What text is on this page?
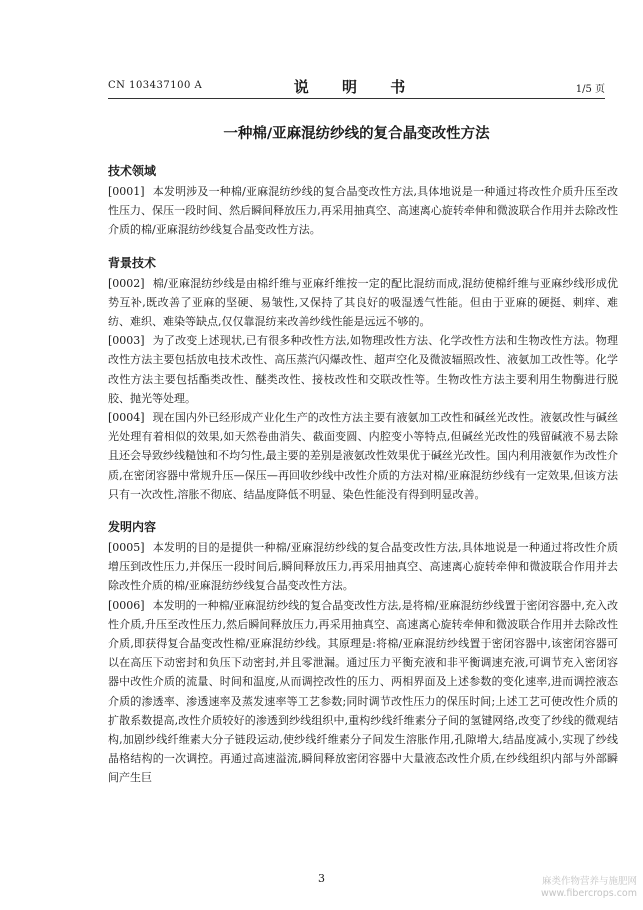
CN 103437100 A	说 明 书	1/5 页
一种棉/亚麻混纺纱线的复合晶变改性方法
技术领域

[0001] 本发明涉及一种棉/亚麻混纺纱线的复合晶变改性方法,具体地说是一种通过将改性介质升压至改性压力、保压一段时间、然后瞬间释放压力,再采用抽真空、高速离心旋转牵伸和微波联合作用并去除改性介质的棉/亚麻混纺纱线复合晶变改性方法。

背景技术

[0002] 棉/亚麻混纺纱线是由棉纤维与亚麻纤维按一定的配比混纺而成,混纺使棉纤维与亚麻纱线形成优势互补,既改善了亚麻的坚硬、易皱性,又保持了其良好的吸湿透气性能。但由于亚麻的硬挺、刺痒、难纺、难织、难染等缺点,仅仅靠混纺来改善纱线性能是远远不够的。

[0003] 为了改变上述现状,已有很多种改性方法,如物理改性方法、化学改性方法和生物改性方法。物理改性方法主要包括放电技术改性、高压蒸汽闪爆改性、超声空化及微波辐照改性、液氨加工改性等。化学改性方法主要包括酯类改性、醚类改性、接枝改性和交联改性等。生物改性方法主要利用生物酶进行脱胶、抛光等处理。

[0004] 现在国内外已经形成产业化生产的改性方法主要有液氨加工改性和碱丝光改性。液氨改性与碱丝光处理有着相似的效果,如天然卷曲消失、截面变圆、内腔变小等特点,但碱丝光改性的残留碱液不易去除且还会导致纱线糙蚀和不均匀性,最主要的差别是液氨改性效果优于碱丝光改性。国内利用液氨作为改性介质,在密闭容器中常规升压—保压—再回收纱线中改性介质的方法对棉/亚麻混纺纱线有一定效果,但该方法只有一次改性,溶胀不彻底、结晶度降低不明显、染色性能没有得到明显改善。

发明内容

[0005] 本发明的目的是提供一种棉/亚麻混纺纱线的复合晶变改性方法,具体地说是一种通过将改性介质增压到改性压力,并保压一段时间后,瞬间释放压力,再采用抽真空、高速离心旋转牵伸和微波联合作用并去除改性介质的棉/亚麻混纺纱线复合晶变改性方法。

[0006] 本发明的一种棉/亚麻混纺纱线的复合晶变改性方法,是将棉/亚麻混纺纱线置于密闭容器中,充入改性介质,升压至改性压力,然后瞬间释放压力,再采用抽真空、高速离心旋转牵伸和微波联合作用并去除改性介质,即获得复合晶变改性棉/亚麻混纺纱线。其原理是:将棉/亚麻混纺纱线置于密闭容器中,该密闭容器可以在高压下动密封和负压下动密封,并且零泄漏。通过压力平衡充液和非平衡调速充液,可调节充入密闭容器中改性介质的流量、时间和温度,从而调控改性的压力、两相界面及上述参数的变化速率,进而调控液态介质的渗透率、渗透速率及蒸发速率等工艺参数;同时调节改性压力的保压时间;上述工艺可使改性介质的扩散系数提高,改性介质较好的渗透到纱线组织中,重构纱线纤维素分子间的氢键网络,改变了纱线的微观结构,加剧纱线纤维素大分子链段运动,使纱线纤维素分子间发生溶胀作用,孔隙增大,结晶度减小,实现了纱线晶格结构的一次调控。再通过高速溢流,瞬间释放密闭容器中大量液态改性介质,在纱线组织内部与外部瞬间产生巨

3	麻类作物营养与施肥网
www.fibercrops.com
